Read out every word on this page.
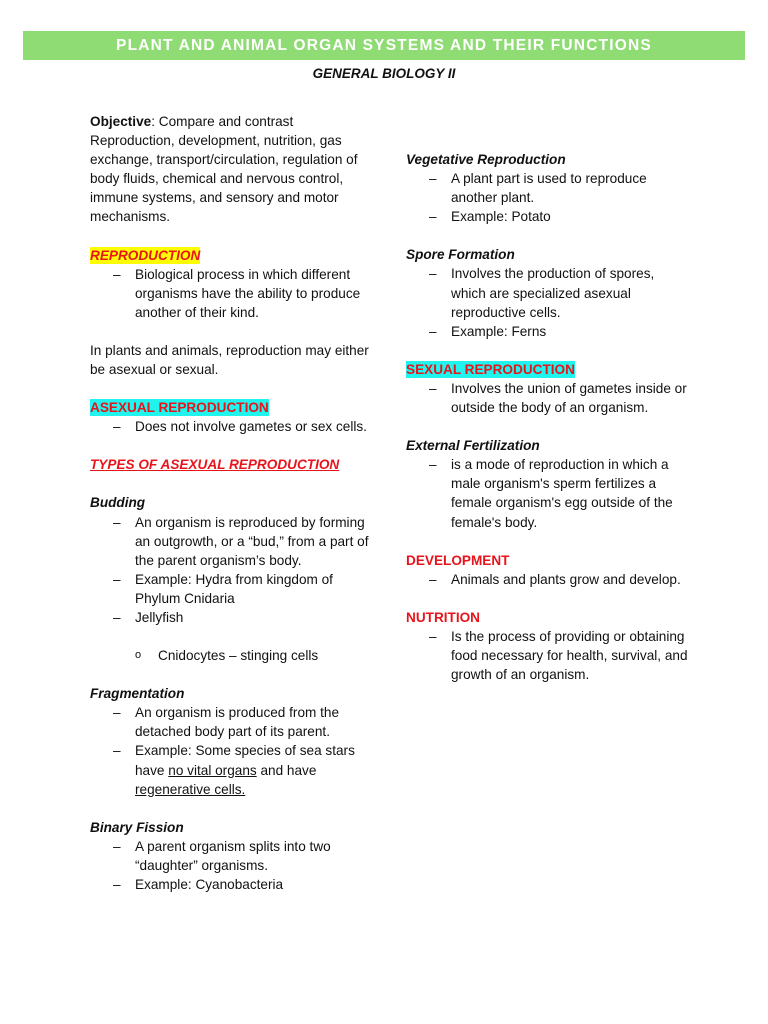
PLANT AND ANIMAL ORGAN SYSTEMS AND THEIR FUNCTIONS
GENERAL BIOLOGY II

Objective: Compare and contrast Reproduction, development, nutrition, gas exchange, transport/circulation, regulation of body fluids, chemical and nervous control, immune systems, and sensory and motor mechanisms.

REPRODUCTION
– Biological process in which different organisms have the ability to produce another of their kind.

In plants and animals, reproduction may either be asexual or sexual.

ASEXUAL REPRODUCTION
– Does not involve gametes or sex cells.

TYPES OF ASEXUAL REPRODUCTION

Budding

– An organism is reproduced by forming an outgrowth, or a “bud,” from a part of the parent organism’s body.
– Example: Hydra from kingdom of Phylum Cnidaria
– Jellyfish
o Cnidocytes – stinging cells

Fragmentation

– An organism is produced from the detached body part of its parent.
– Example: Some species of sea stars have no vital organs and have regenerative cells.

Binary Fission

– A parent organism splits into two “daughter” organisms.
– Example: Cyanobacteria

Vegetative Reproduction

– A plant part is used to reproduce another plant.
– Example: Potato

Spore Formation

– Involves the production of spores, which are specialized asexual reproductive cells.
– Example: Ferns
SEXUAL REPRODUCTION
– Involves the union of gametes inside or outside the body of an organism.

External Fertilization

– is a mode of reproduction in which a male organism's sperm fertilizes a female organism's egg outside of the female's body.

DEVELOPMENT

– Animals and plants grow and develop.

NUTRITION

– Is the process of providing or obtaining food necessary for health, survival, and growth of an organism.
